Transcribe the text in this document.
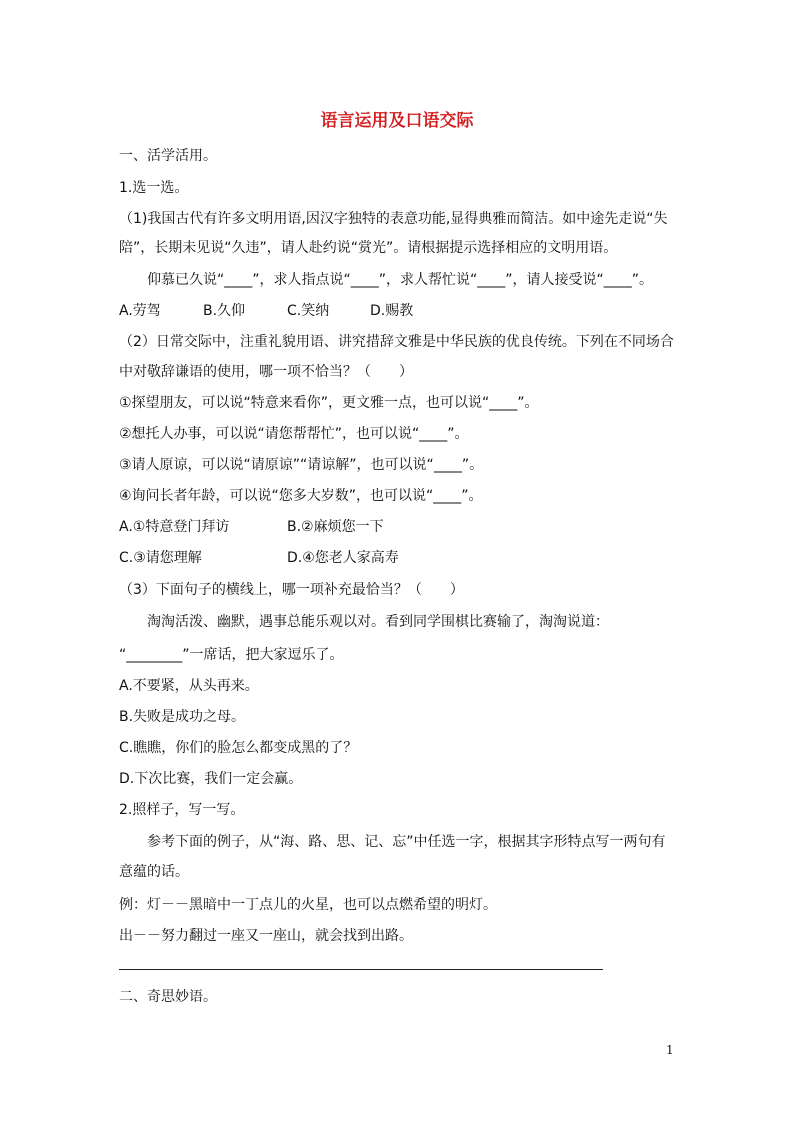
语言运用及口语交际
一、活学活用。
1.选一选。
（1)我国古代有许多文明用语,因汉字独特的表意功能,显得典雅而简洁。如中途先走说“失
陪”，长期未见说“久违”，请人赴约说“赏光”。请根据提示选择相应的文明用语。
仰慕已久说“____”，求人指点说“____”，求人帮忙说“____”，请人接受说“____”。
A.劳驾	B.久仰	C.笑纳	D.赐教
（2）日常交际中，注重礼貌用语、讲究措辞文雅是中华民族的优良传统。下列在不同场合
中对敬辞谦语的使用，哪一项不恰当？（　　）
①探望朋友，可以说“特意来看你”，更文雅一点，也可以说“____”。
②想托人办事，可以说“请您帮帮忙”，也可以说“____”。
③请人原谅，可以说“请原谅”“请谅解”，也可以说“____”。
④询问长者年龄，可以说“您多大岁数”，也可以说“____”。
A.①特意登门拜访	B.②麻烦您一下
C.③请您理解	D.④您老人家高寿
（3）下面句子的横线上，哪一项补充最恰当？（　　）
淘淘活泼、幽默，遇事总能乐观以对。看到同学围棋比赛输了，淘淘说道：
“________”一席话，把大家逗乐了。
A.不要紧，从头再来。
B.失败是成功之母。
C.瞧瞧，你们的脸怎么都变成黑的了？
D.下次比赛，我们一定会赢。
2.照样子，写一写。
参考下面的例子，从“海、路、思、记、忘”中任选一字，根据其字形特点写一两句有
意蕴的话。
例：灯－－黑暗中一丁点儿的火星，也可以点燃希望的明灯。
出－－努力翻过一座又一座山，就会找到出路。
二、奇思妙语。
1
